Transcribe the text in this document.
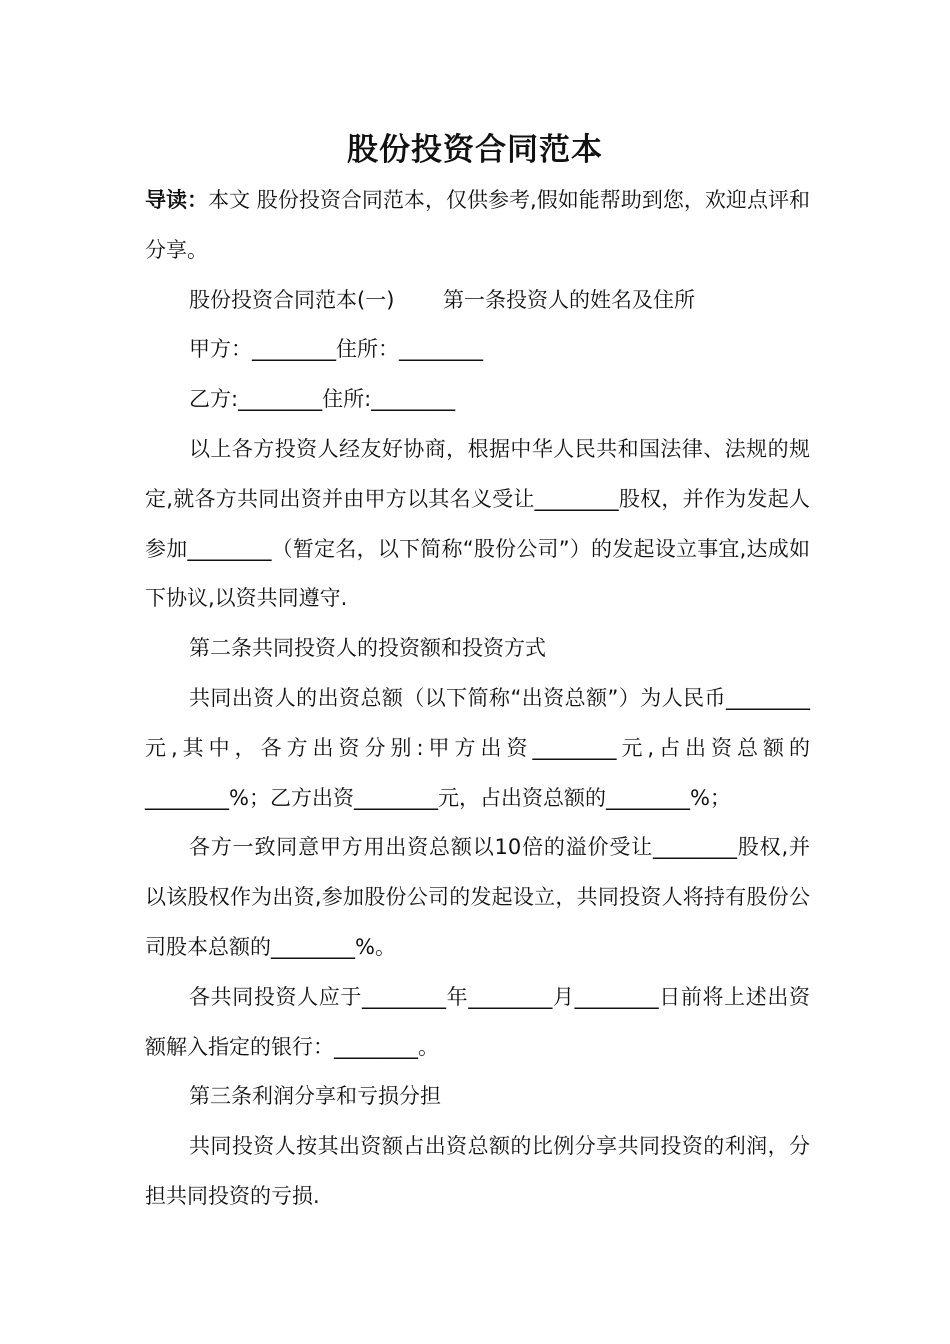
股份投资合同范本

导读：本文 股份投资合同范本，仅供参考,假如能帮助到您，欢迎点评和分享。

股份投资合同范本(一)　　 第一条投资人的姓名及住所

甲方：________住所：________

乙方:________住所:________

以上各方投资人经友好协商，根据中华人民共和国法律、法规的规定,就各方共同出资并由甲方以其名义受让________股权，并作为发起人参加________（暂定名，以下简称“股份公司”）的发起设立事宜,达成如下协议,以资共同遵守.

第二条共同投资人的投资额和投资方式

共同出资人的出资总额（以下简称“出资总额”）为人民币________元,其中，各方出资分别:甲方出资________元,占出资总额的________%；乙方出资________元，占出资总额的________%；

各方一致同意甲方用出资总额以10倍的溢价受让________股权,并以该股权作为出资,参加股份公司的发起设立，共同投资人将持有股份公司股本总额的________%。

各共同投资人应于________年________月________日前将上述出资额解入指定的银行：________。

第三条利润分享和亏损分担

共同投资人按其出资额占出资总额的比例分享共同投资的利润，分担共同投资的亏损.
